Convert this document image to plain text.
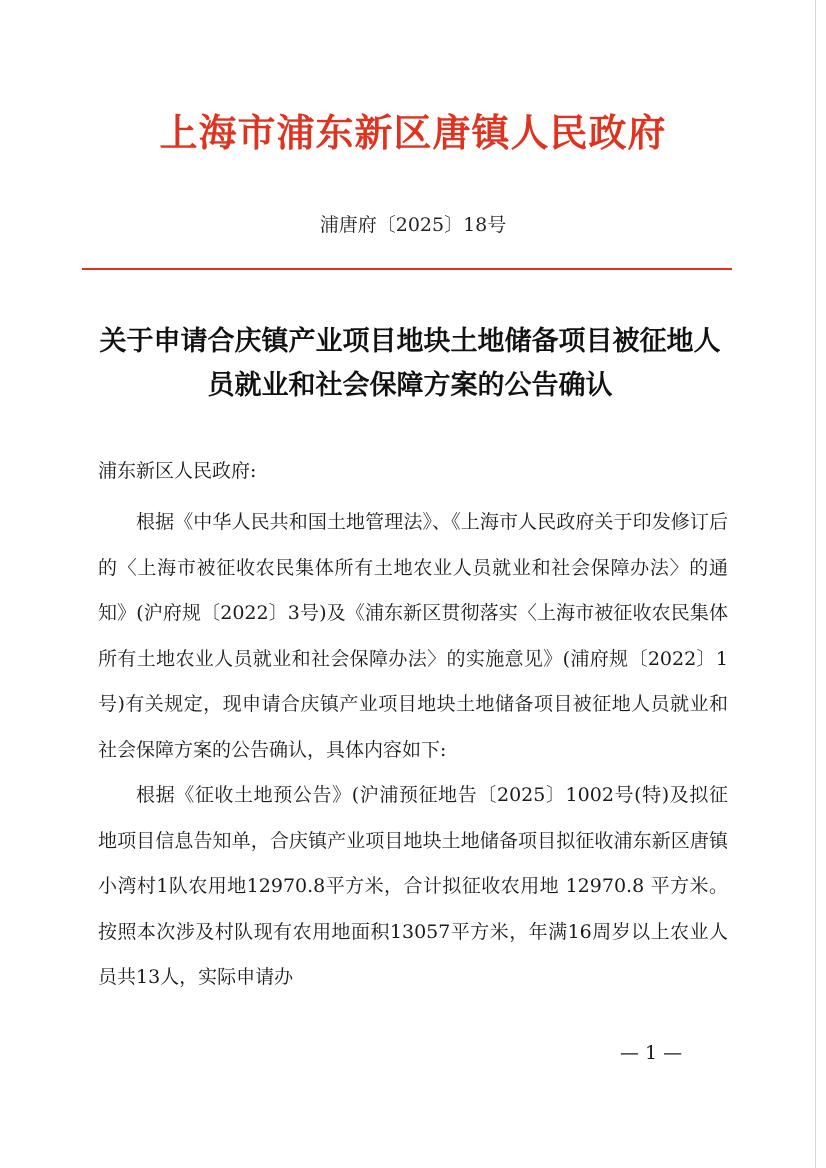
上海市浦东新区唐镇人民政府

浦唐府〔2025〕18号

关于申请合庆镇产业项目地块土地储备项目被征地人员就业和社会保障方案的公告确认

浦东新区人民政府:

根据《中华人民共和国土地管理法》、《上海市人民政府关于印发修订后的〈上海市被征收农民集体所有土地农业人员就业和社会保障办法〉的通知》(沪府规〔2022〕3号)及《浦东新区贯彻落实〈上海市被征收农民集体所有土地农业人员就业和社会保障办法〉的实施意见》(浦府规〔2022〕1号)有关规定，现申请合庆镇产业项目地块土地储备项目被征地人员就业和社会保障方案的公告确认，具体内容如下:

根据《征收土地预公告》(沪浦预征地告〔2025〕1002号(特)及拟征地项目信息告知单，合庆镇产业项目地块土地储备项目拟征收浦东新区唐镇小湾村1队农用地12970.8平方米，合计拟征收农用地 12970.8 平方米。按照本次涉及村队现有农用地面积13057平方米，年满16周岁以上农业人员共13人，实际申请办

— 1 —
